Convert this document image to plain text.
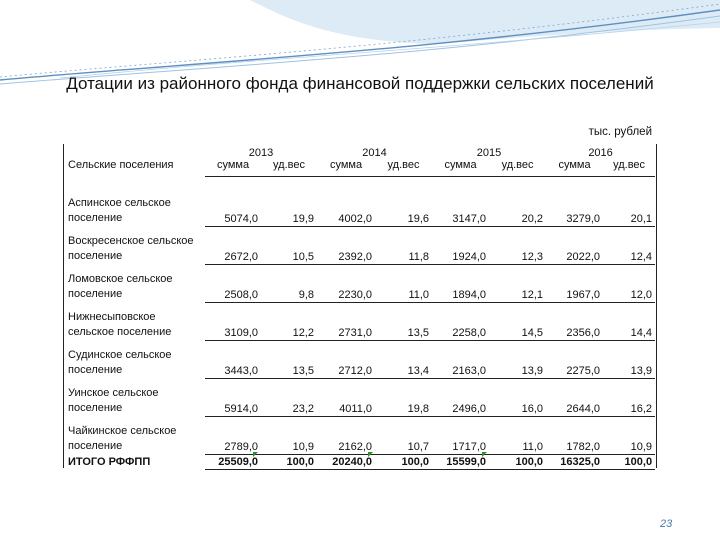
Дотации из районного фонда финансовой поддержки сельских поселений
тыс. рублей
	2013		2014		2015		2016	
Сельские поселения	сумма	уд.вес	сумма	уд.вес	сумма	уд.вес	сумма	уд.вес
Аспинское сельское поселение	5074,0	19,9	4002,0	19,6	3147,0	20,2	3279,0	20,1
Воскресенское сельское поселение	2672,0	10,5	2392,0	11,8	1924,0	12,3	2022,0	12,4
Ломовское сельское поселение	2508,0	9,8	2230,0	11,0	1894,0	12,1	1967,0	12,0
Нижнесыповское сельское поселение	3109,0	12,2	2731,0	13,5	2258,0	14,5	2356,0	14,4
Судинское сельское поселение	3443,0	13,5	2712,0	13,4	2163,0	13,9	2275,0	13,9
Уинское сельское поселение	5914,0	23,2	4011,0	19,8	2496,0	16,0	2644,0	16,2
Чайкинское сельское поселение	2789,0	10,9	2162,0	10,7	1717,0	11,0	1782,0	10,9
ИТОГО РФФПП	25509,0	100,0	20240,0	100,0	15599,0	100,0	16325,0	100,0
23
